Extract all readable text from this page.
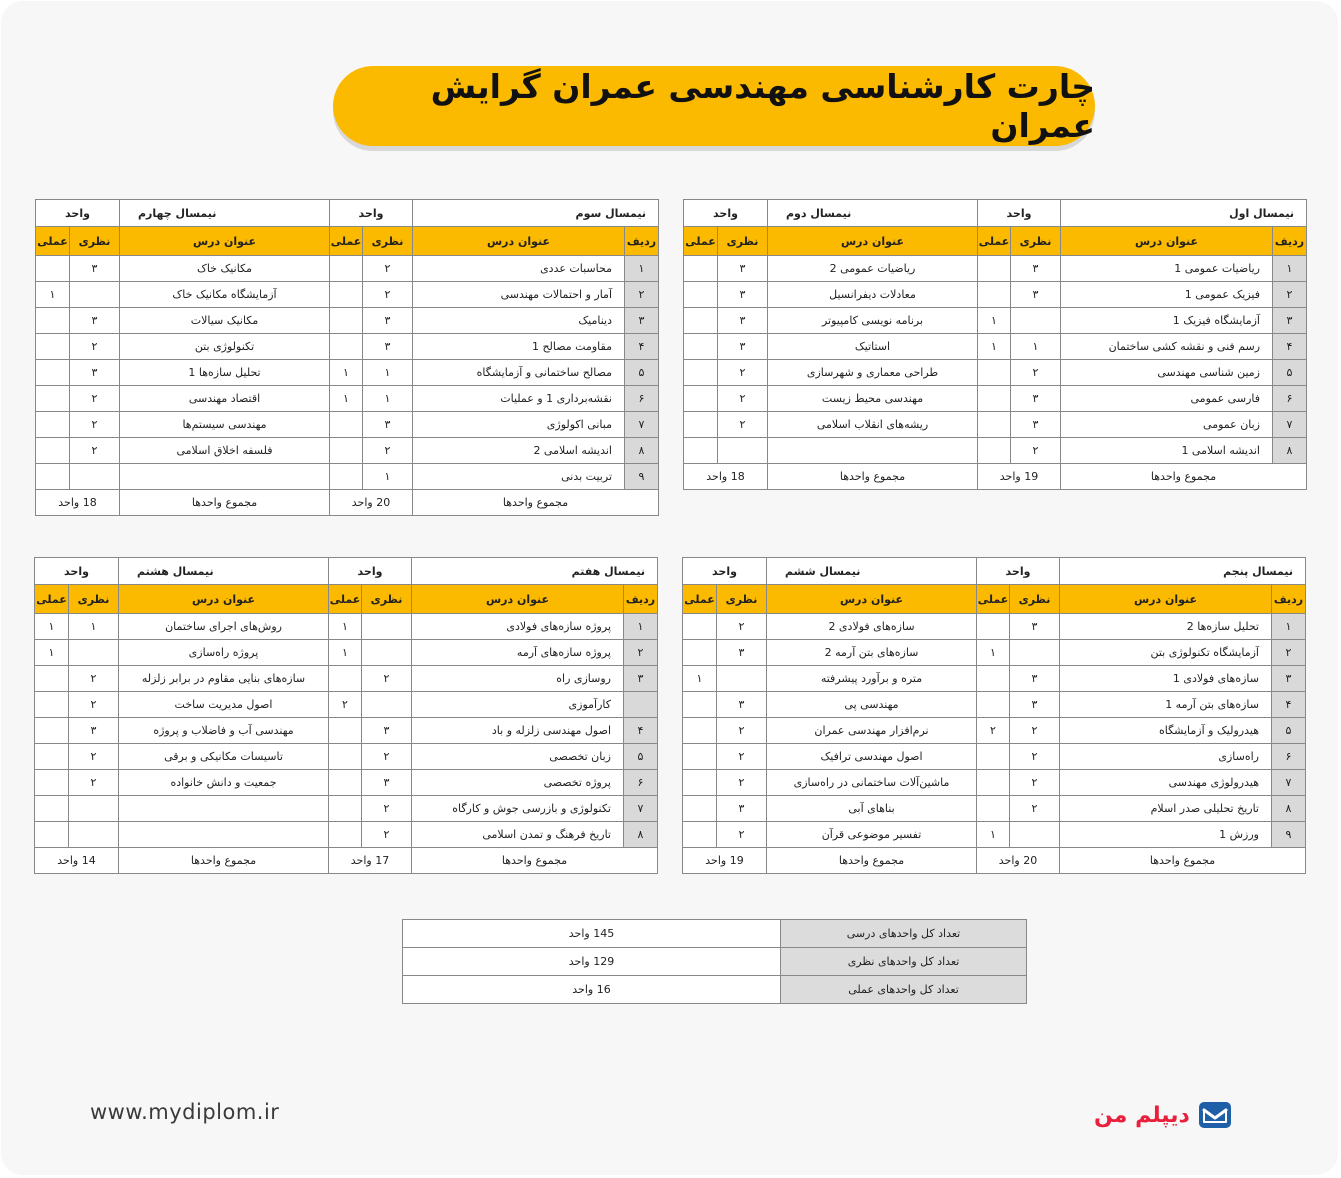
چارت کارشناسی مهندسی عمران گرایش عمران
نیمسال اول		واحد		نیمسال دوم	واحد	
ردیف	عنوان درس	نظری	عملی	عنوان درس	نظری	عملی
۱	ریاضیات عمومی 1	۳		ریاضیات عمومی 2	۳	
۲	فیزیک عمومی 1	۳		معادلات دیفرانسیل	۳	
۳	آزمایشگاه فیزیک 1		۱	برنامه نویسی کامپیوتر	۳	
۴	رسم فنی و نقشه کشی ساختمان	۱	۱	استاتیک	۳	
۵	زمین شناسی مهندسی	۲		طراحی معماری و شهرسازی	۲	
۶	فارسی عمومی	۳		مهندسی محیط زیست	۲	
۷	زبان عمومی	۳		ریشه‌های انقلاب اسلامی	۲	
۸	اندیشه اسلامی 1	۲				
مجموع واحدها		19 واحد		مجموع واحدها	18 واحد	
نیمسال سوم		واحد		نیمسال چهارم	واحد	
ردیف	عنوان درس	نظری	عملی	عنوان درس	نظری	عملی
۱	محاسبات عددی	۲		مکانیک خاک	۳	
۲	آمار و احتمالات مهندسی	۲		آزمایشگاه مکانیک خاک		۱
۳	دینامیک	۳		مکانیک سیالات	۳	
۴	مقاومت مصالح 1	۳		تکنولوژی بتن	۲	
۵	مصالح ساختمانی و آزمایشگاه	۱	۱	تحلیل سازه‌ها 1	۳	
۶	نقشه‌برداری 1 و عملیات	۱	۱	اقتصاد مهندسی	۲	
۷	مبانی اکولوژی	۳		مهندسی سیستم‌ها	۲	
۸	اندیشه اسلامی 2	۲		فلسفه اخلاق اسلامی	۲	
۹	تربیت بدنی	۱				
مجموع واحدها		20 واحد		مجموع واحدها	18 واحد	
نیمسال پنجم		واحد		نیمسال ششم	واحد	
ردیف	عنوان درس	نظری	عملی	عنوان درس	نظری	عملی
۱	تحلیل سازه‌ها 2	۳		سازه‌های فولادی 2	۲	
۲	آزمایشگاه تکنولوژی بتن		۱	سازه‌های بتن آرمه 2	۳	
۳	سازه‌های فولادی 1	۳		متره و برآورد پیشرفته		۱
۴	سازه‌های بتن آرمه 1	۳		مهندسی پی	۳	
۵	هیدرولیک و آزمایشگاه	۲	۲	نرم‌افزار مهندسی عمران	۲	
۶	راه‌سازی	۲		اصول مهندسی ترافیک	۲	
۷	هیدرولوژی مهندسی	۲		ماشین‌آلات ساختمانی در راه‌سازی	۲	
۸	تاریخ تحلیلی صدر اسلام	۲		بناهای آبی	۳	
۹	ورزش 1		۱	تفسیر موضوعی قرآن	۲	
مجموع واحدها		20 واحد		مجموع واحدها	19 واحد	
نیمسال هفتم		واحد		نیمسال هشتم	واحد	
ردیف	عنوان درس	نظری	عملی	عنوان درس	نظری	عملی
۱	پروژه سازه‌های فولادی		۱	روش‌های اجرای ساختمان	۱	۱
۲	پروژه سازه‌های آرمه		۱	پروژه راه‌سازی		۱
۳	روسازی راه	۲		سازه‌های بنایی مقاوم در برابر زلزله	۲	
	کارآموزی		۲	اصول مدیریت ساخت	۲	
۴	اصول مهندسی زلزله و باد	۳		مهندسی آب و فاضلاب و پروژه	۳	
۵	زبان تخصصی	۲		تاسیسات مکانیکی و برقی	۲	
۶	پروژه تخصصی	۳		جمعیت و دانش خانواده	۲	
۷	تکنولوژی و بازرسی جوش و کارگاه	۲				
۸	تاریخ فرهنگ و تمدن اسلامی	۲				
مجموع واحدها		17 واحد		مجموع واحدها	14 واحد	
تعداد کل واحدهای درسی	145 واحد
تعداد کل واحدهای نظری	129 واحد
تعداد کل واحدهای عملی	16 واحد
دیپلم من
www.mydiplom.ir
